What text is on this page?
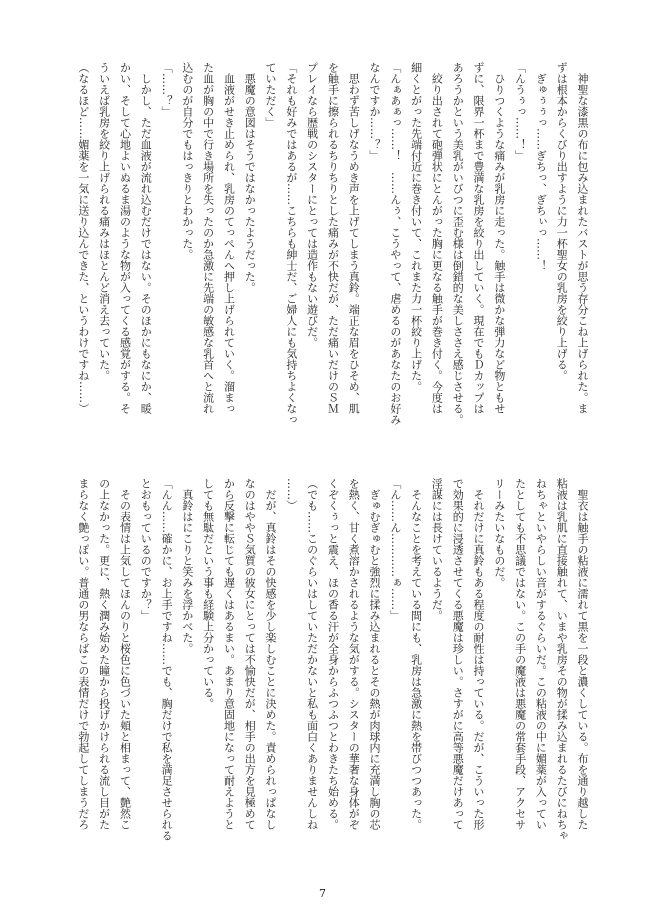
　神聖な漆黒の布に包み込まれたバストが思う存分こね上げられた。ま
ずは根本からくびり出すように力一杯聖女の乳房を絞り上げる。
　ぎゅぅぅっ……ぎちっ、ぎちぃっ……！
「んうぅっ……！」
　ひりつくような痛みが乳房に走った。触手は微かな弾力など物ともせ
ずに、限界一杯まで豊満な乳房を絞り出していく。現在でもＤカップは
あろうかという美乳がいびつに歪む様は倒錯的な美しささえ感じさせる。
　絞り出されて砲弾状にとんがった胸に更なる触手が巻き付く。今度は
細くとがった先端付近に巻き付いて、これまた力一杯絞り上げた。
「んぁあぁっ……！　……んぅ、こうやって、虐めるのがあなたのお好み
なんですか……？」
　思わず苦しげなうめき声を上げてしまう真鈴。端正な眉をひそめ、肌
を触手に擦られるちりちりとした痛みが不快だが、ただ痛いだけのＳＭ
プレイなら歴戦のシスターにとっては造作もない遊びだ。
「それも好みではあるが……こちらも紳士だ、ご婦人にも気持ちよくなっ
ていただく」
　悪魔の意図はそうではなかったようだった。
　血液がせき止められ、乳房のてっぺんへ押し上げられていく。溜まっ
た血が胸の中で行き場所を失ったのか急激に先端の敏感な乳首へと流れ
込むのが自分でもはっきりとわかった。
「……？」
　しかし、ただ血液が流れ込むだけではない。そのほかにもなにか、暖
かい、そして心地よいぬるま湯のような物が入ってくる感覚がする。そ
ういえば乳房を絞り上げられる痛みはほとんど消え去っていた。
（なるほど……媚薬を一気に送り込んできた、というわけですね……）
　聖衣は触手の粘液に濡れて黒を一段と濃くしている。布を通り越した
粘液は乳肌に直接触れて、いまや乳房その物が揉み込まれるたびにねちゃ
ねちゃといやらしい音がするぐらいだ。この粘液の中に媚薬が入ってい
たとしても不思議ではない。この手の魔液は悪魔の常套手段、アクセサ
リーみたいなものだ。
　それだけに真鈴もある程度の耐性は持っている。だが、こういった形
で効果的に浸透させてくる悪魔は珍しい。さすがに高等悪魔だけあって
淫謀には長けているようだ。
　そんなことを考えている間にも、乳房は急激に熱を帯びつつあった。
「ん……ん…………ぁ……」
　ぎゅむぎゅむと強烈に揉み込まれるとその熱が肉球内に充満し胸の芯
を熱く、甘く煮溶かされるような気がする。シスターの華奢な身体がぞ
くぞくぅっと震え、ほの香る汗が全身からふつふつとわきたち始める。
（でも……このぐらいはしていただかないと私も面白くありませんしね
……）
　だが、真鈴はその快感を少し楽しむことに決めた。責められっぱなし
なのはややＳ気質の彼女にとっては不愉快だが、相手の出方を見極めて
から反撃に転じても遅くはあるまい。あまり意固地になって耐えようと
しても無駄だという事も経験上分かっている。
　真鈴はにこりと笑みを浮かべた。
「んん……確かに、お上手ですね……でも、胸だけで私を満足させられる
とおもっているのですか？」
　その表情は上気してほんのりと桜色に色づいた頬と相まって、艶然こ
の上なかった。更に、熱く潤み始めた瞳から投げかけられる流し目がた
まらなく艶っぽい。普通の男ならばこの表情だけで勃起してしまうだろ
7
